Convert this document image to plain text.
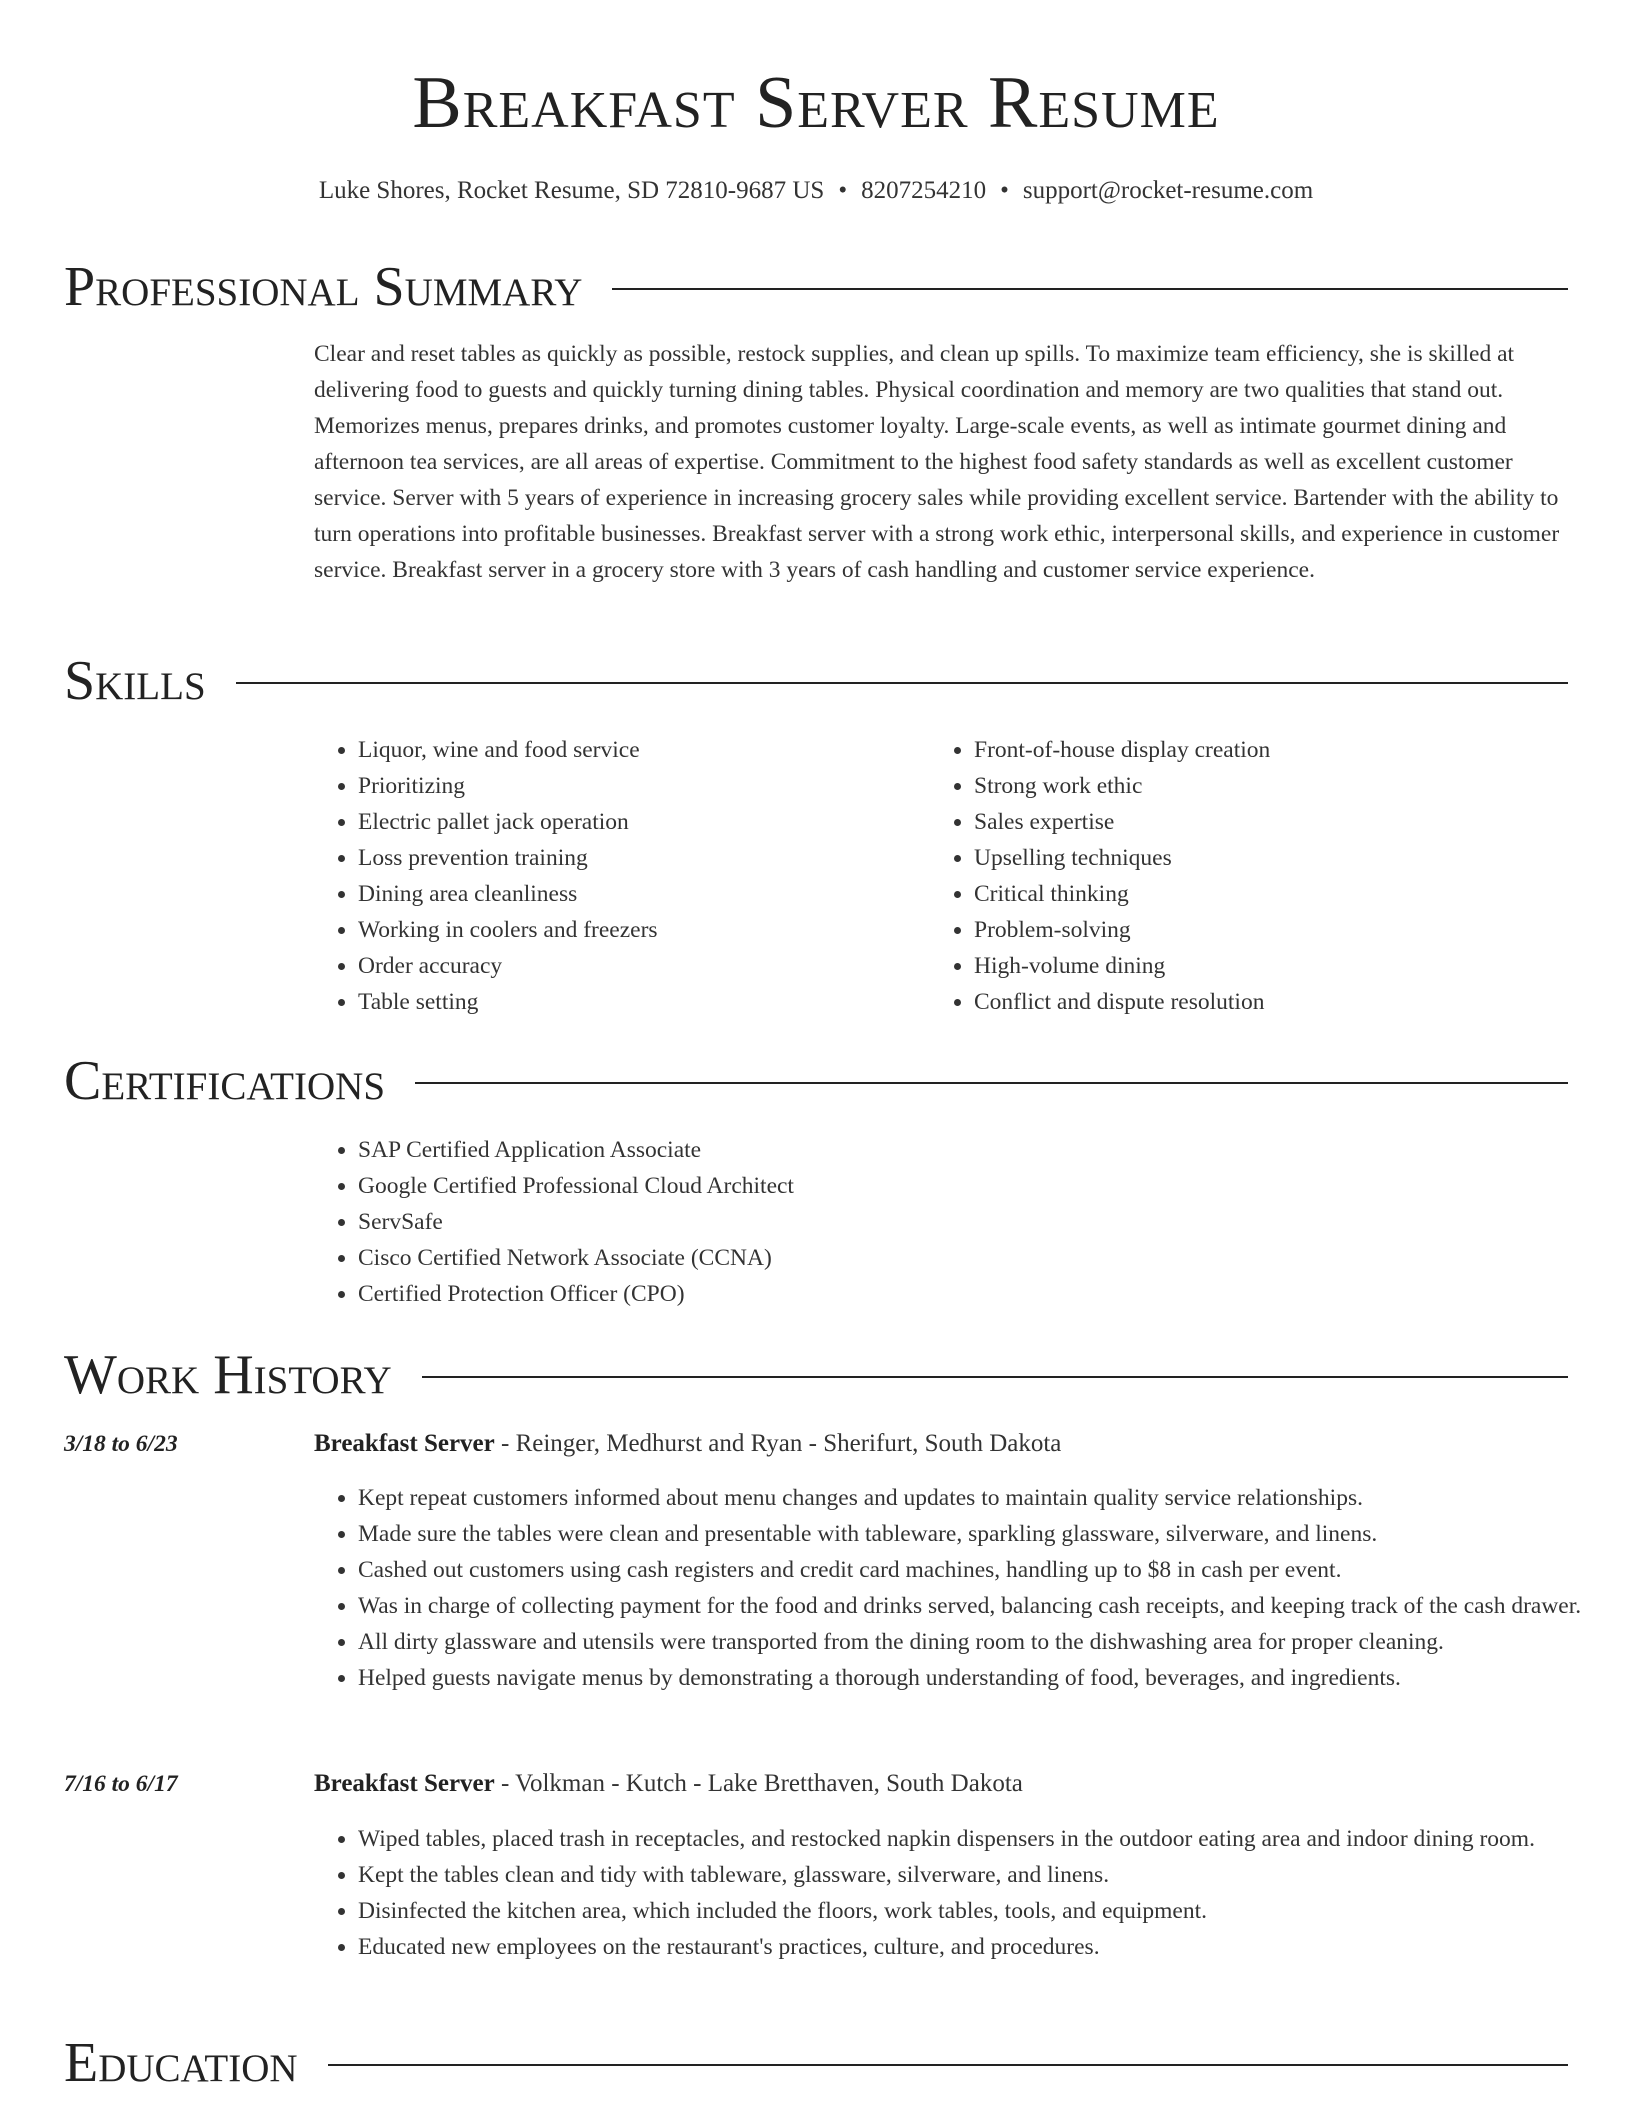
Breakfast Server Resume
Luke Shores, Rocket Resume, SD 72810-9687 US • 8207254210 • support@rocket-resume.com
Professional Summary

Clear and reset tables as quickly as possible, restock supplies, and clean up spills. To maximize team efficiency, she is skilled at delivering food to guests and quickly turning dining tables. Physical coordination and memory are two qualities that stand out. Memorizes menus, prepares drinks, and promotes customer loyalty. Large-scale events, as well as intimate gourmet dining and afternoon tea services, are all areas of expertise. Commitment to the highest food safety standards as well as excellent customer service. Server with 5 years of experience in increasing grocery sales while providing excellent service. Bartender with the ability to turn operations into profitable businesses. Breakfast server with a strong work ethic, interpersonal skills, and experience in customer service. Breakfast server in a grocery store with 3 years of cash handling and customer service experience.

Skills
• Liquor, wine and food service
• Prioritizing
• Electric pallet jack operation
• Loss prevention training
• Dining area cleanliness
• Working in coolers and freezers
• Order accuracy
• Table setting
• Front-of-house display creation
• Strong work ethic
• Sales expertise
• Upselling techniques
• Critical thinking
• Problem-solving
• High-volume dining
• Conflict and dispute resolution
Certifications
• SAP Certified Application Associate
• Google Certified Professional Cloud Architect
• ServSafe
• Cisco Certified Network Associate (CCNA)
• Certified Protection Officer (CPO)
Work History
3/18 to 6/23	Breakfast Server - Reinger, Medhurst and Ryan - Sherifurt, South Dakota
• Kept repeat customers informed about menu changes and updates to maintain quality service relationships.
• Made sure the tables were clean and presentable with tableware, sparkling glassware, silverware, and linens.
• Cashed out customers using cash registers and credit card machines, handling up to $8 in cash per event.
• Was in charge of collecting payment for the food and drinks served, balancing cash receipts, and keeping track of the cash drawer.
• All dirty glassware and utensils were transported from the dining room to the dishwashing area for proper cleaning.
• Helped guests navigate menus by demonstrating a thorough understanding of food, beverages, and ingredients.
7/16 to 6/17	Breakfast Server - Volkman - Kutch - Lake Bretthaven, South Dakota
• Wiped tables, placed trash in receptacles, and restocked napkin dispensers in the outdoor eating area and indoor dining room.
• Kept the tables clean and tidy with tableware, glassware, silverware, and linens.
• Disinfected the kitchen area, which included the floors, work tables, tools, and equipment.
• Educated new employees on the restaurant's practices, culture, and procedures.
Education
